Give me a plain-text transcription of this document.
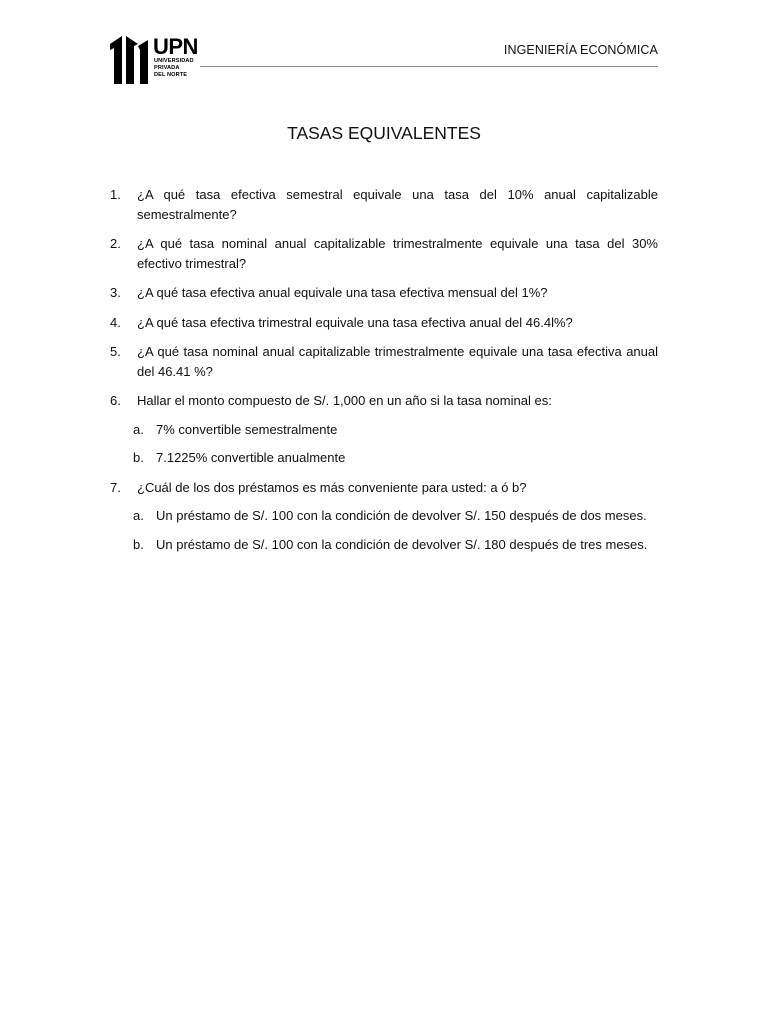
UPN
UNIVERSIDAD
PRIVADA
DEL NORTE
INGENIERÍA ECONÓMICA
TASAS EQUIVALENTES
1. ¿A qué tasa efectiva semestral equivale una tasa del 10% anual capitalizable semestralmente?
2. ¿A qué tasa nominal anual capitalizable trimestralmente equivale una tasa del 30% efectivo trimestral?
3. ¿A qué tasa efectiva anual equivale una tasa efectiva mensual del 1%?
4. ¿A qué tasa efectiva trimestral equivale una tasa efectiva anual del 46.4l%?
5. ¿A qué tasa nominal anual capitalizable trimestralmente equivale una tasa efectiva anual del 46.41 %?
6. Hallar el monto compuesto de S/. 1,000 en un año si la tasa nominal es:
a. 7% convertible semestralmente
b. 7.1225% convertible anualmente
7. ¿Cuál de los dos préstamos es más conveniente para usted: a ó b?
a. Un préstamo de S/. 100 con la condición de devolver S/. 150 después de dos meses.
b. Un préstamo de S/. 100 con la condición de devolver S/. 180 después de tres meses.
